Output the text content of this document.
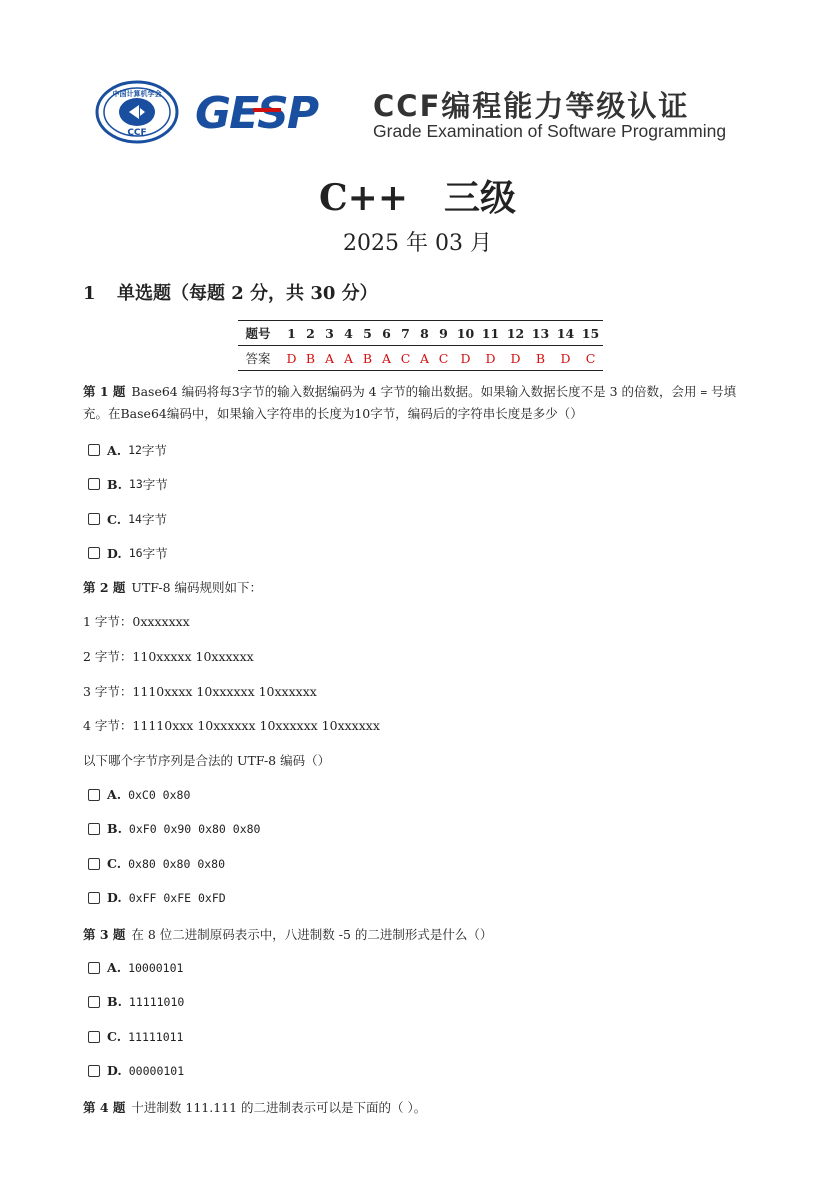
中国计算机学会
CCF GESP CCF编程能力等级认证
Grade Examination of Software Programming
C++　三级
2025 年 03 月
1 单选题（每题 2 分，共 30 分）
题号	1	2	3	4	5	6	7	8	9	10	11	12	13	14	15
答案	D	B	A	A	B	A	C	A	C	D	D	D	B	D	C
第 1 题 Base64 编码将每3字节的输入数据编码为 4 字节的输出数据。如果输入数据长度不是 3 的倍数，会用 = 号填
充。在Base64编码中，如果输入字符串的长度为10字节，编码后的字符串长度是多少（）
A. 12 字节
B. 13 字节
C. 14 字节
D. 16 字节
第 2 题 UTF-8 编码规则如下：
1 字节：0xxxxxxx
2 字节：110xxxxx 10xxxxxx
3 字节：1110xxxx 10xxxxxx 10xxxxxx
4 字节：11110xxx 10xxxxxx 10xxxxxx 10xxxxxx
以下哪个字节序列是合法的 UTF-8 编码（）
A. 0xC0 0x80
B. 0xF0 0x90 0x80 0x80
C. 0x80 0x80 0x80
D. 0xFF 0xFE 0xFD
第 3 题 在 8 位二进制原码表示中，八进制数 -5 的二进制形式是什么（）
A. 10000101
B. 11111010
C. 11111011
D. 00000101
第 4 题 十进制数 111.111 的二进制表示可以是下面的（ ）。
